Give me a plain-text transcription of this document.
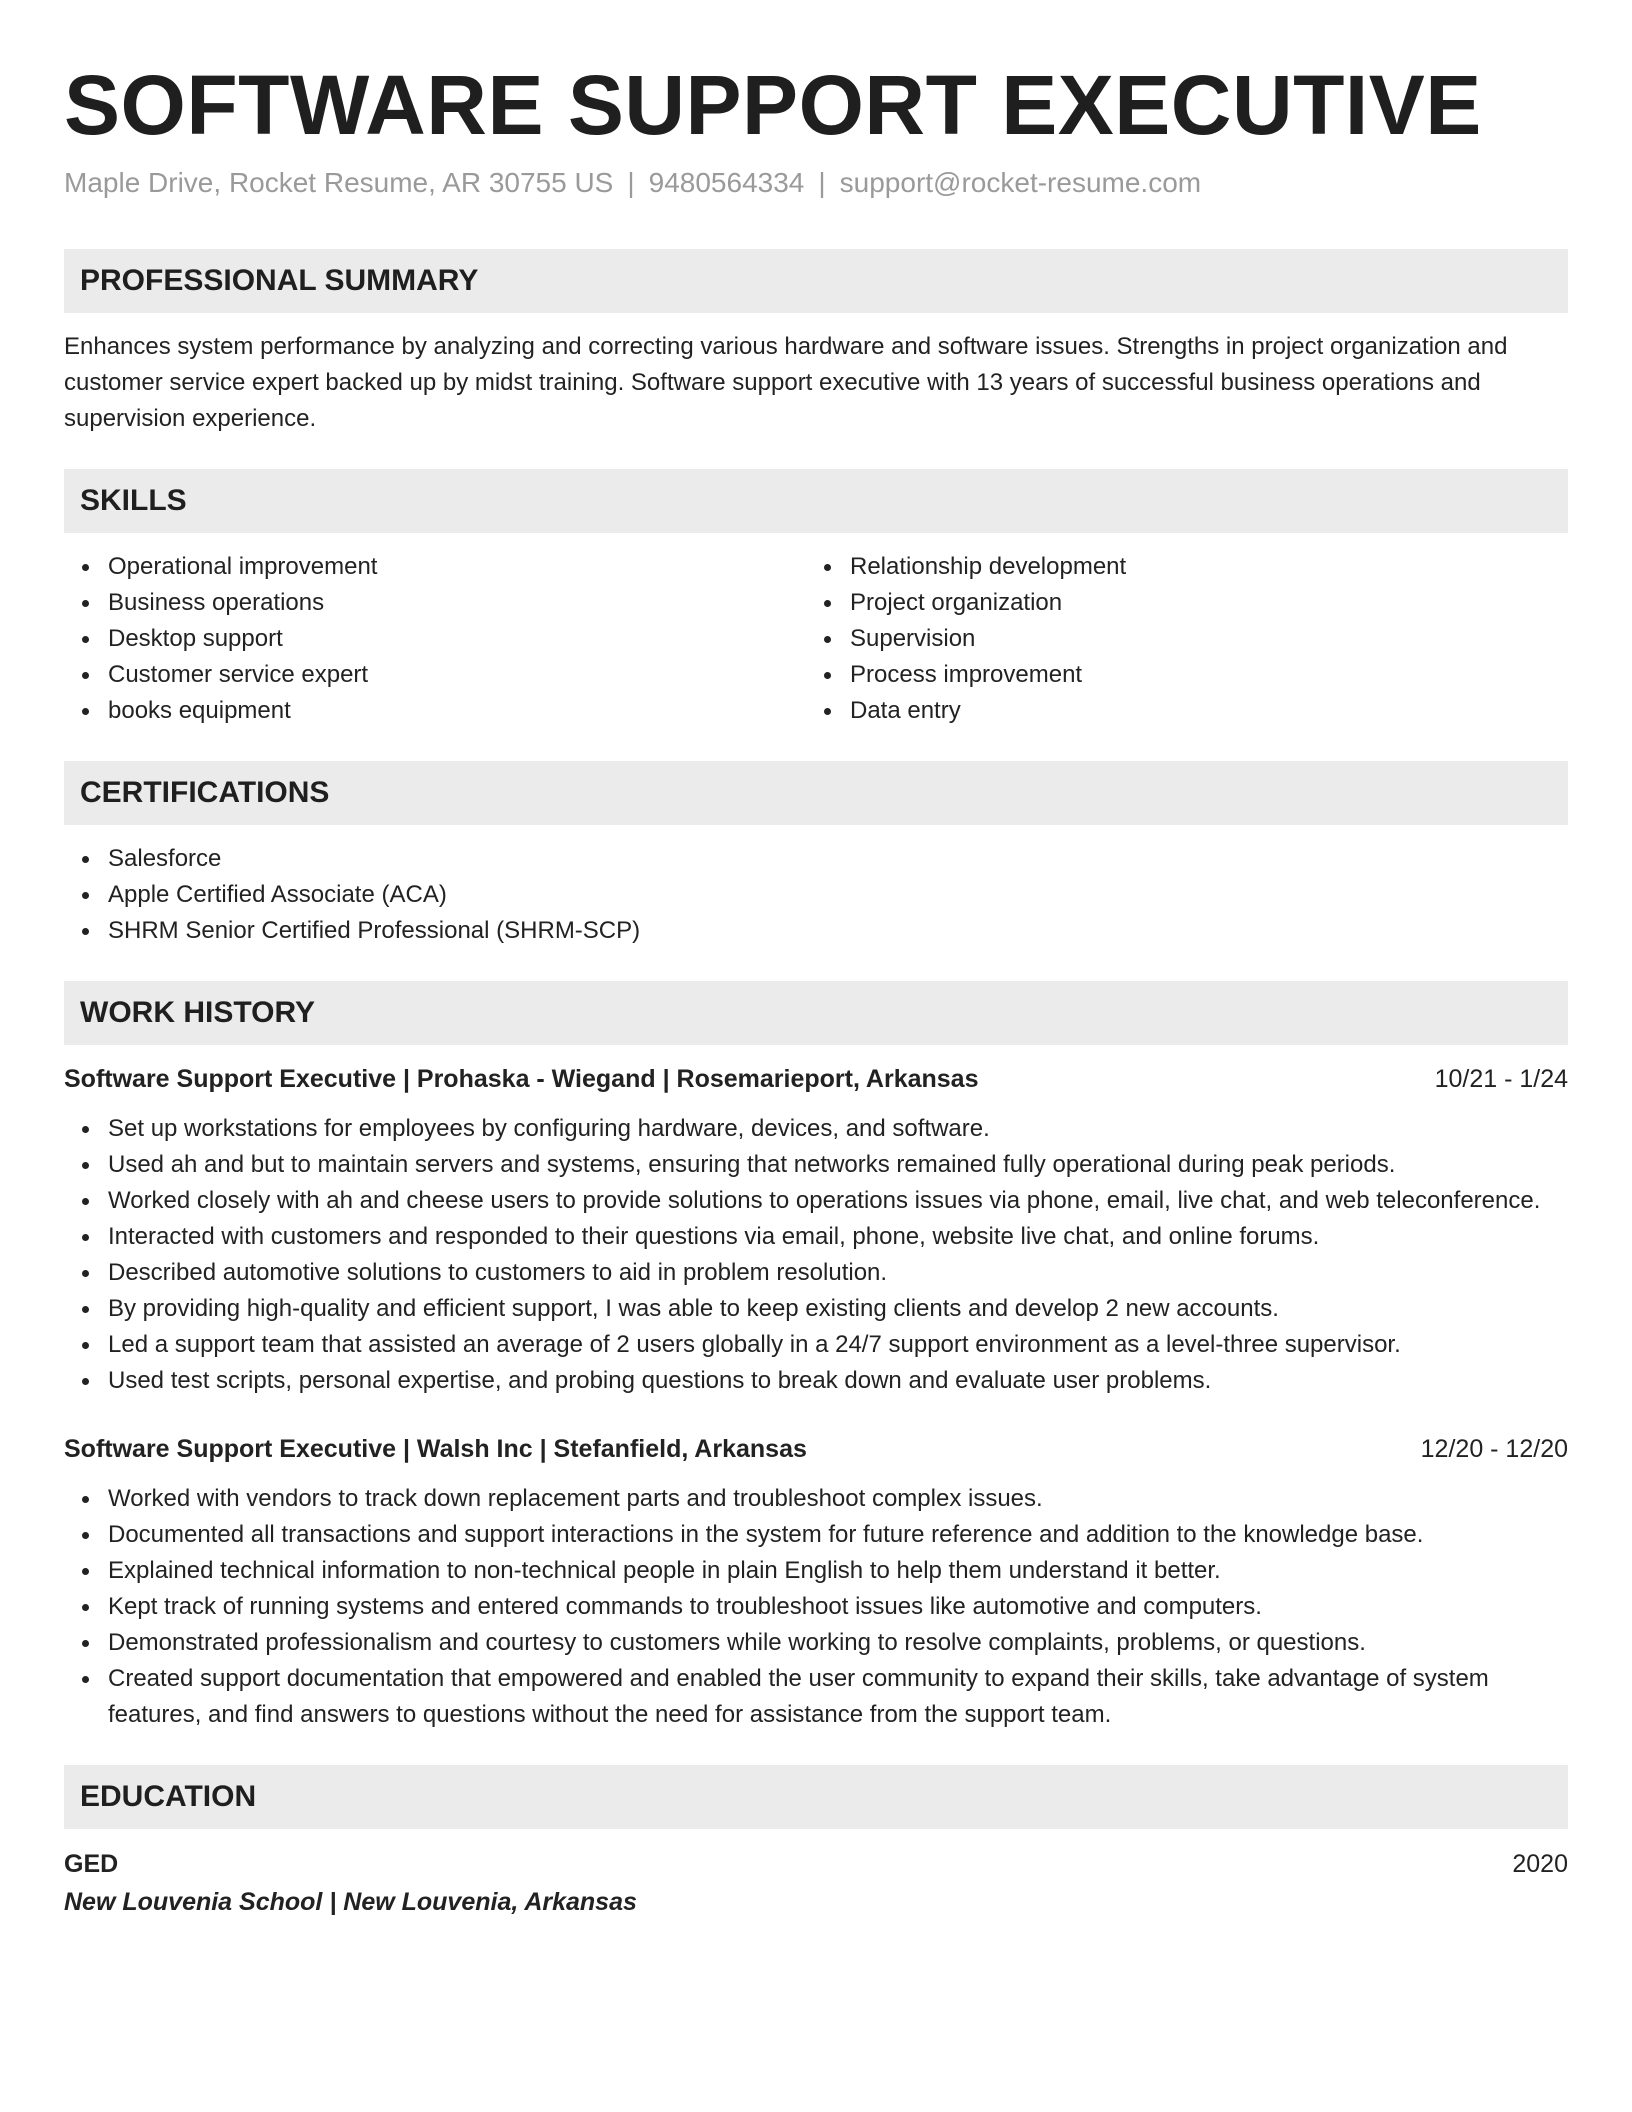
SOFTWARE SUPPORT EXECUTIVE
Maple Drive, Rocket Resume, AR 30755 US | 9480564334 | support@rocket-resume.com
PROFESSIONAL SUMMARY
Enhances system performance by analyzing and correcting various hardware and software issues. Strengths in project organization and customer service expert backed up by midst training. Software support executive with 13 years of successful business operations and supervision experience.
SKILLS
Operational improvement
Business operations
Desktop support
Customer service expert
books equipment
Relationship development
Project organization
Supervision
Process improvement
Data entry
CERTIFICATIONS
Salesforce
Apple Certified Associate (ACA)
SHRM Senior Certified Professional (SHRM-SCP)
WORK HISTORY
Software Support Executive | Prohaska - Wiegand | Rosemarieport, Arkansas	10/21 - 1/24
Set up workstations for employees by configuring hardware, devices, and software.
Used ah and but to maintain servers and systems, ensuring that networks remained fully operational during peak periods.
Worked closely with ah and cheese users to provide solutions to operations issues via phone, email, live chat, and web teleconference.
Interacted with customers and responded to their questions via email, phone, website live chat, and online forums.
Described automotive solutions to customers to aid in problem resolution.
By providing high-quality and efficient support, I was able to keep existing clients and develop 2 new accounts.
Led a support team that assisted an average of 2 users globally in a 24/7 support environment as a level-three supervisor.
Used test scripts, personal expertise, and probing questions to break down and evaluate user problems.
Software Support Executive | Walsh Inc | Stefanfield, Arkansas	12/20 - 12/20
Worked with vendors to track down replacement parts and troubleshoot complex issues.
Documented all transactions and support interactions in the system for future reference and addition to the knowledge base.
Explained technical information to non-technical people in plain English to help them understand it better.
Kept track of running systems and entered commands to troubleshoot issues like automotive and computers.
Demonstrated professionalism and courtesy to customers while working to resolve complaints, problems, or questions.
Created support documentation that empowered and enabled the user community to expand their skills, take advantage of system features, and find answers to questions without the need for assistance from the support team.
EDUCATION
GED	2020
New Louvenia School | New Louvenia, Arkansas
